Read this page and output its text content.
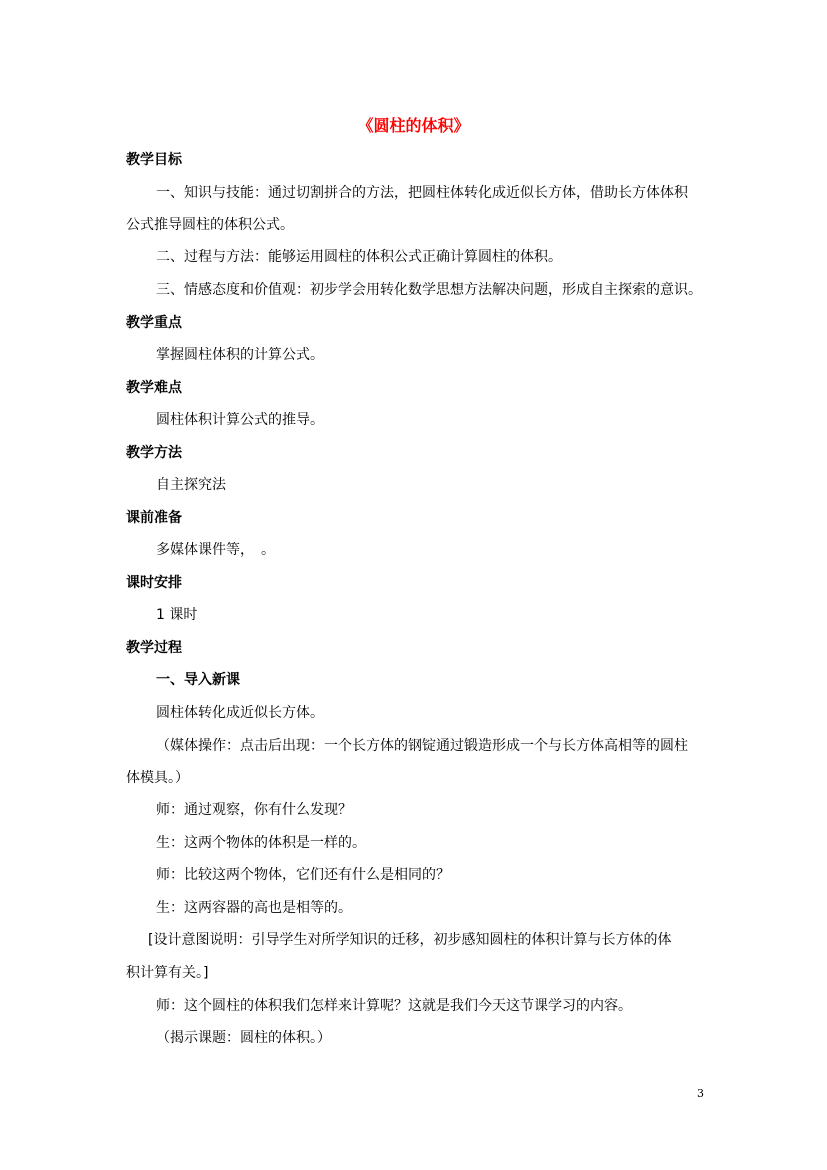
《圆柱的体积》
教学目标
一、知识与技能：通过切割拼合的方法，把圆柱体转化成近似长方体，借助长方体体积
公式推导圆柱的体积公式。
二、过程与方法：能够运用圆柱的体积公式正确计算圆柱的体积。
三、情感态度和价值观：初步学会用转化数学思想方法解决问题，形成自主探索的意识。
教学重点
掌握圆柱体积的计算公式。
教学难点
圆柱体积计算公式的推导。
教学方法
自主探究法
课前准备
多媒体课件等，　。
课时安排
1 课时
教学过程
一、导入新课
圆柱体转化成近似长方体。
（媒体操作：点击后出现：一个长方体的钢锭通过锻造形成一个与长方体高相等的圆柱
体模具。）
师：通过观察，你有什么发现？
生：这两个物体的体积是一样的。
师：比较这两个物体，它们还有什么是相同的？
生：这两容器的高也是相等的。
[设计意图说明：引导学生对所学知识的迁移，初步感知圆柱的体积计算与长方体的体
积计算有关。]
师：这个圆柱的体积我们怎样来计算呢？这就是我们今天这节课学习的内容。
（揭示课题：圆柱的体积。）
3
